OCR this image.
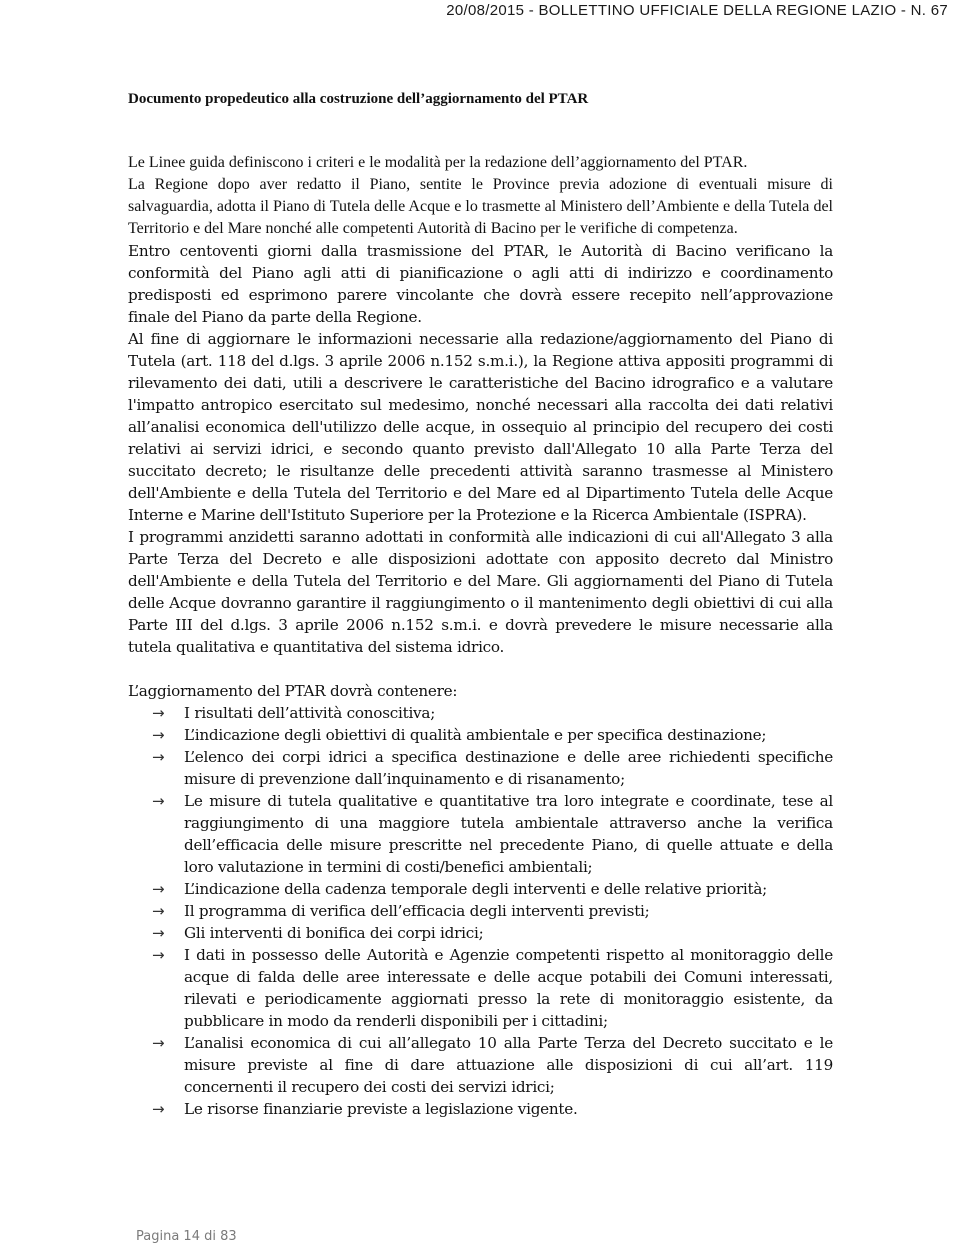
20/08/2015 - BOLLETTINO UFFICIALE DELLA REGIONE LAZIO - N. 67
Documento propedeutico alla costruzione dell’aggiornamento del PTAR

Le Linee guida definiscono i criteri e le modalità per la redazione dell’aggiornamento del PTAR.

La Regione dopo aver redatto il Piano, sentite le Province previa adozione di eventuali misure di salvaguardia, adotta il Piano di Tutela delle Acque e lo trasmette al Ministero dell’Ambiente e della Tutela del Territorio e del Mare nonché alle competenti Autorità di Bacino per le verifiche di competenza.

Entro centoventi giorni dalla trasmissione del PTAR, le Autorità di Bacino verificano la conformità del Piano agli atti di pianificazione o agli atti di indirizzo e coordinamento predisposti ed esprimono parere vincolante che dovrà essere recepito nell’approvazione finale del Piano da parte della Regione.

Al fine di aggiornare le informazioni necessarie alla redazione/aggiornamento del Piano di Tutela (art. 118 del d.lgs. 3 aprile 2006 n.152 s.m.i.), la Regione attiva appositi programmi di rilevamento dei dati, utili a descrivere le caratteristiche del Bacino idrografico e a valutare l'impatto antropico esercitato sul medesimo, nonché necessari alla raccolta dei dati relativi all’analisi economica dell'utilizzo delle acque, in ossequio al principio del recupero dei costi relativi ai servizi idrici, e secondo quanto previsto dall'Allegato 10 alla Parte Terza del succitato decreto; le risultanze delle precedenti attività saranno trasmesse al Ministero dell'Ambiente e della Tutela del Territorio e del Mare ed al Dipartimento Tutela delle Acque Interne e Marine dell'Istituto Superiore per la Protezione e la Ricerca Ambientale (ISPRA).

I programmi anzidetti saranno adottati in conformità alle indicazioni di cui all'Allegato 3 alla Parte Terza del Decreto e alle disposizioni adottate con apposito decreto dal Ministro dell'Ambiente e della Tutela del Territorio e del Mare. Gli aggiornamenti del Piano di Tutela delle Acque dovranno garantire il raggiungimento o il mantenimento degli obiettivi di cui alla Parte III del d.lgs. 3 aprile 2006 n.152 s.m.i. e dovrà prevedere le misure necessarie alla tutela qualitativa e quantitativa del sistema idrico.

L’aggiornamento del PTAR dovrà contenere:

→ I risultati dell’attività conoscitiva;
→ L’indicazione degli obiettivi di qualità ambientale e per specifica destinazione;
→ L’elenco dei corpi idrici a specifica destinazione e delle aree richiedenti specifiche misure di prevenzione dall’inquinamento e di risanamento;
→ Le misure di tutela qualitative e quantitative tra loro integrate e coordinate, tese al raggiungimento di una maggiore tutela ambientale attraverso anche la verifica dell’efficacia delle misure prescritte nel precedente Piano, di quelle attuate e della loro valutazione in termini di costi/benefici ambientali;
→ L’indicazione della cadenza temporale degli interventi e delle relative priorità;
→ Il programma di verifica dell’efficacia degli interventi previsti;
→ Gli interventi di bonifica dei corpi idrici;
→ I dati in possesso delle Autorità e Agenzie competenti rispetto al monitoraggio delle acque di falda delle aree interessate e delle acque potabili dei Comuni interessati, rilevati e periodicamente aggiornati presso la rete di monitoraggio esistente, da pubblicare in modo da renderli disponibili per i cittadini;
→ L’analisi economica di cui all’allegato 10 alla Parte Terza del Decreto succitato e le misure previste al fine di dare attuazione alle disposizioni di cui all’art. 119 concernenti il recupero dei costi dei servizi idrici;
→ Le risorse finanziarie previste a legislazione vigente.
Pagina 14 di 83
